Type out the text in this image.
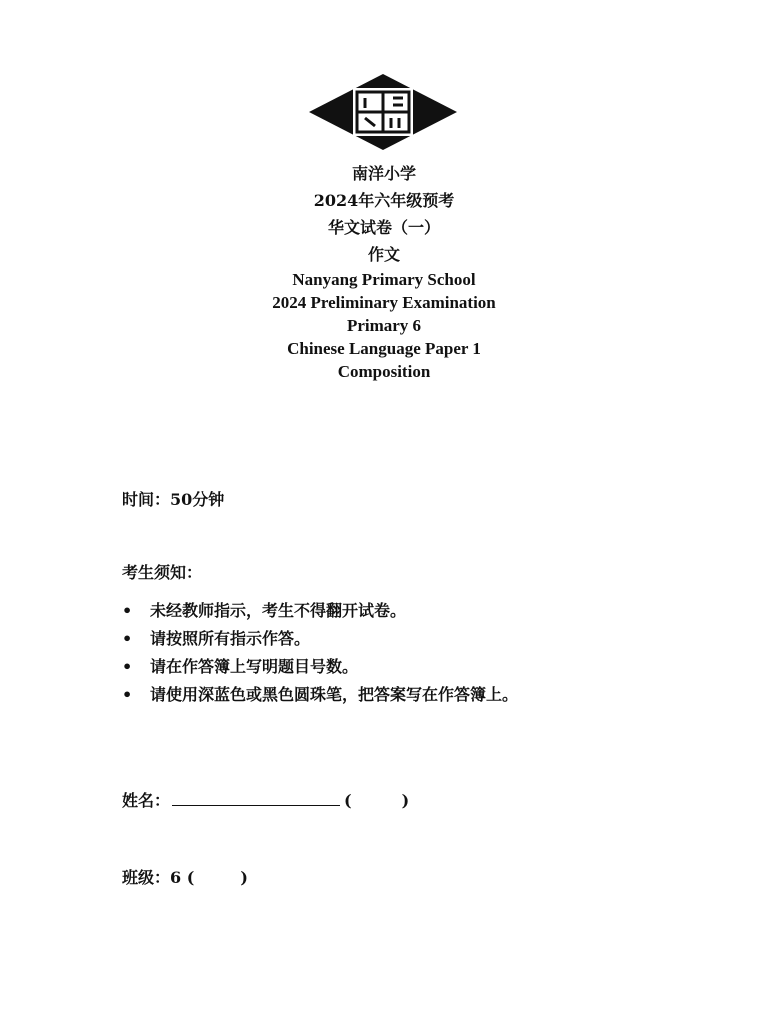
南洋小学
2024年六年级预考
华文试卷（一）
作文
Nanyang Primary School
2024 Preliminary Examination
Primary 6
Chinese Language Paper 1
Composition
时间：50分钟
考生须知：
• 未经教师指示，考生不得翻开试卷。
• 请按照所有指示作答。
• 请在作答簿上写明题目号数。
• 请使用深蓝色或黑色圆珠笔，把答案写在作答簿上。
姓名：	(	)
班级：6 (	)
